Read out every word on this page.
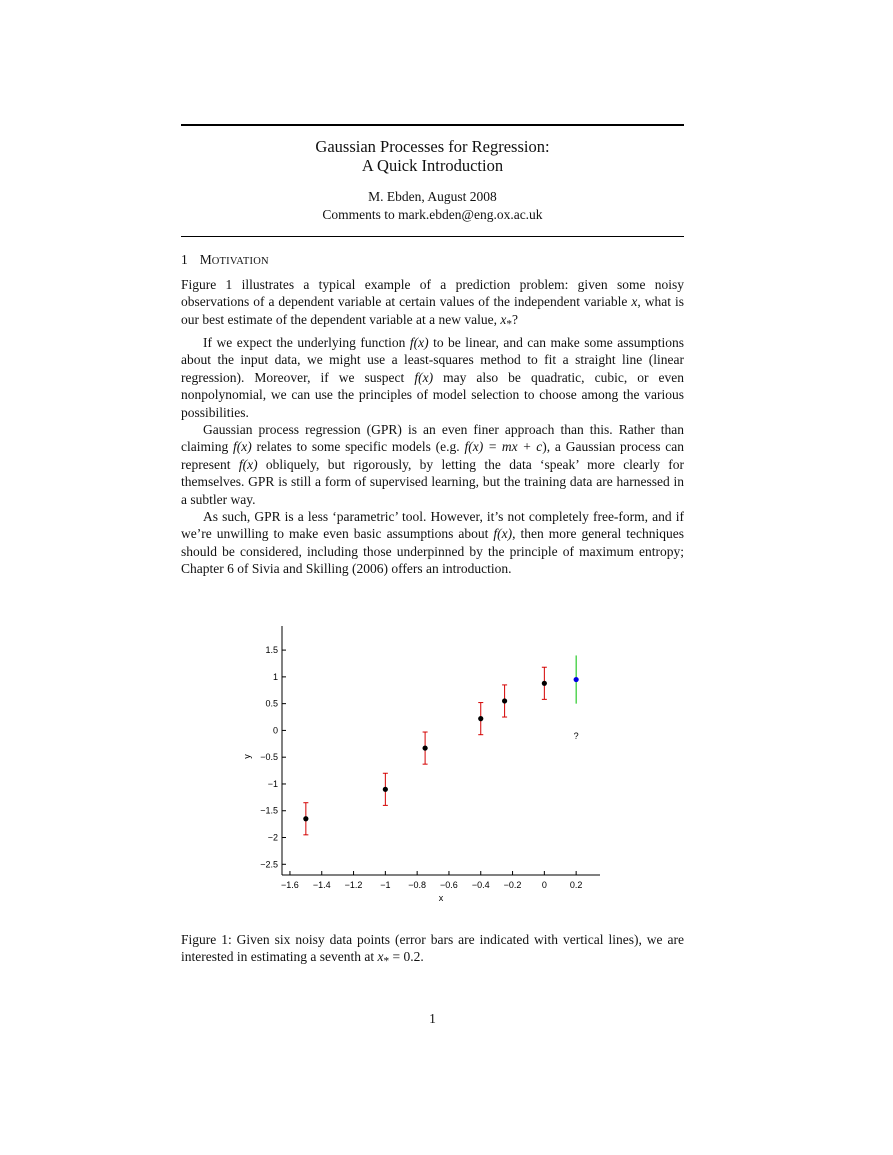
Gaussian Processes for Regression:
A Quick Introduction
M. Ebden, August 2008
Comments to mark.ebden@eng.ox.ac.uk
1 MOTIVATION

Figure 1 illustrates a typical example of a prediction problem: given some noisy observations of a dependent variable at certain values of the independent variable x, what is our best estimate of the dependent variable at a new value, $x_*$?

If we expect the underlying function f(x) to be linear, and can make some assumptions about the input data, we might use a least-squares method to fit a straight line (linear regression). Moreover, if we suspect f(x) may also be quadratic, cubic, or even nonpolynomial, we can use the principles of model selection to choose among the various possibilities.

Gaussian process regression (GPR) is an even finer approach than this. Rather than claiming f(x) relates to some specific models (e.g. f(x) = mx + c), a Gaussian process can represent f(x) obliquely, but rigorously, by letting the data ‘speak’ more clearly for themselves. GPR is still a form of supervised learning, but the training data are harnessed in a subtler way.

As such, GPR is a less ‘parametric’ tool. However, it’s not completely free-form, and if we’re unwilling to make even basic assumptions about f(x), then more general techniques should be considered, including those underpinned by the principle of maximum entropy; Chapter 6 of Sivia and Skilling (2006) offers an introduction.

−1.6 −1.4 −1.2 −1 −0.8 −0.6 −0.4 −0.2 0	0.2
1.5
1
0.5
0
−0.5
−1
−1.5
−2
−2.5
x
y
?
Figure 1: Given six noisy data points (error bars are indicated with vertical lines), we are interested in estimating a seventh at $x_* = 0.2$.
1
